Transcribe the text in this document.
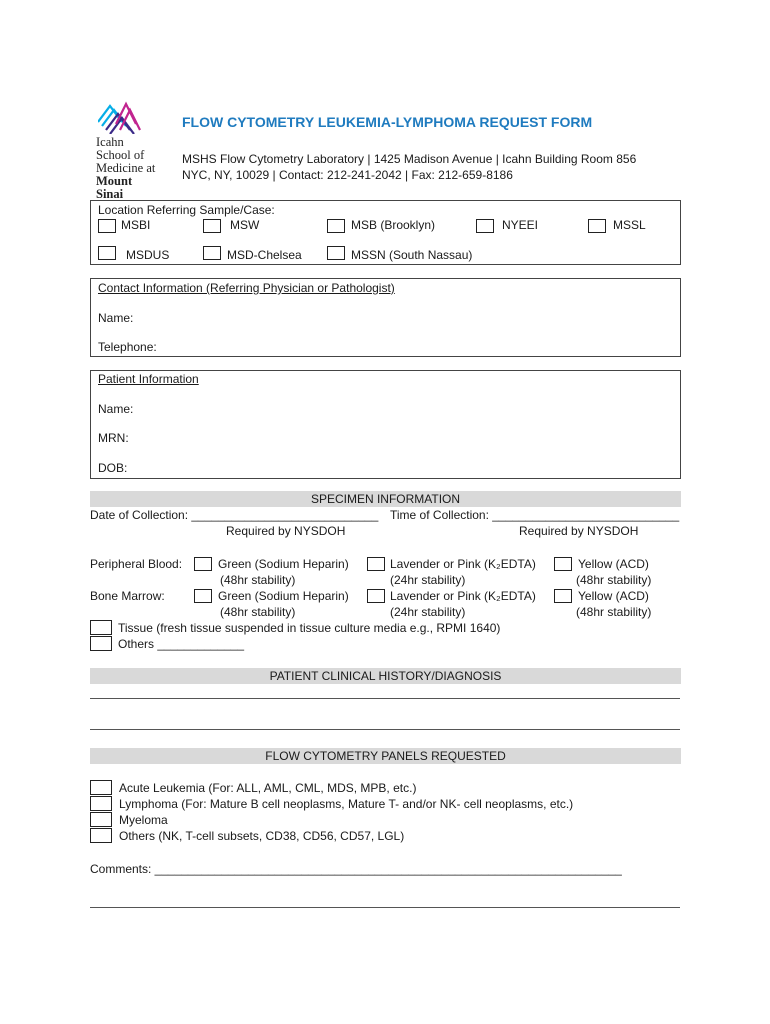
Icahn
School of
Medicine at
Mount
Sinai
FLOW CYTOMETRY LEUKEMIA-LYMPHOMA REQUEST FORM
MSHS Flow Cytometry Laboratory | 1425 Madison Avenue | Icahn Building Room 856
NYC, NY, 10029 | Contact: 212-241-2042 | Fax: 212-659-8186
Location Referring Sample/Case:
MSBI	MSW	MSB (Brooklyn)	NYEEI	MSSL
MSDUS	MSD-Chelsea	MSSN (South Nassau)
Contact Information (Referring Physician or Pathologist)
Name:
Telephone:
Patient Information
Name:
MRN:
DOB:
SPECIMEN INFORMATION
Date of Collection: ____________________________ Time of Collection: ____________________________
Required by NYSDOH	Required by NYSDOH
Peripheral Blood:	Green (Sodium Heparin)
(48hr stability)
Lavender or Pink (K₂EDTA)
(24hr stability)
Yellow (ACD)
(48hr stability)
Bone Marrow:	Green (Sodium Heparin)
(48hr stability)
Lavender or Pink (K₂EDTA)
(24hr stability)
Yellow (ACD)
(48hr stability)
Tissue (fresh tissue suspended in tissue culture media e.g., RPMI 1640)
Others _____________
PATIENT CLINICAL HISTORY/DIAGNOSIS
FLOW CYTOMETRY PANELS REQUESTED
Acute Leukemia (For: ALL, AML, CML, MDS, MPB, etc.)
Lymphoma (For: Mature B cell neoplasms, Mature T- and/or NK- cell neoplasms, etc.)
Myeloma
Others (NK, T-cell subsets, CD38, CD56, CD57, LGL)
Comments: ______________________________________________________________________
